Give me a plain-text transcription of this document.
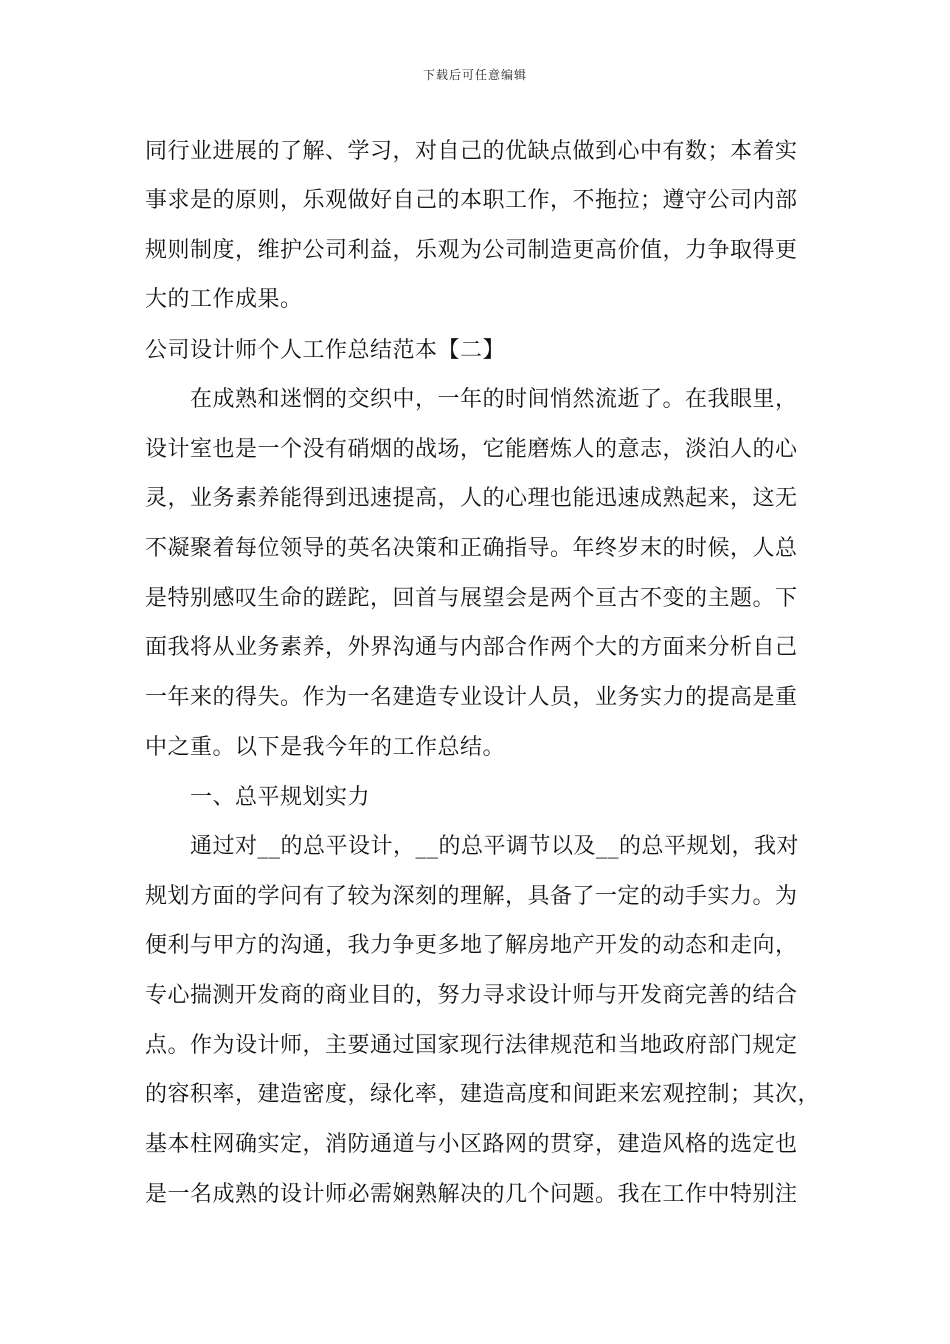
下载后可任意编辑
同行业进展的了解、学习，对自己的优缺点做到心中有数；本着实
事求是的原则，乐观做好自己的本职工作，不拖拉；遵守公司内部
规则制度，维护公司利益，乐观为公司制造更高价值，力争取得更
大的工作成果。
公司设计师个人工作总结范本【二】
在成熟和迷惘的交织中，一年的时间悄然流逝了。在我眼里，
设计室也是一个没有硝烟的战场，它能磨炼人的意志，淡泊人的心
灵，业务素养能得到迅速提高，人的心理也能迅速成熟起来，这无
不凝聚着每位领导的英名决策和正确指导。年终岁末的时候，人总
是特别感叹生命的蹉跎，回首与展望会是两个亘古不变的主题。下
面我将从业务素养，外界沟通与内部合作两个大的方面来分析自己
一年来的得失。作为一名建造专业设计人员，业务实力的提高是重
中之重。以下是我今年的工作总结。
一、总平规划实力
通过对__的总平设计，__的总平调节以及__的总平规划，我对
规划方面的学问有了较为深刻的理解，具备了一定的动手实力。为
便利与甲方的沟通，我力争更多地了解房地产开发的动态和走向，
专心揣测开发商的商业目的，努力寻求设计师与开发商完善的结合
点。作为设计师，主要通过国家现行法律规范和当地政府部门规定
的容积率，建造密度，绿化率，建造高度和间距来宏观控制；其次，
基本柱网确实定，消防通道与小区路网的贯穿，建造风格的选定也
是一名成熟的设计师必需娴熟解决的几个问题。我在工作中特别注
